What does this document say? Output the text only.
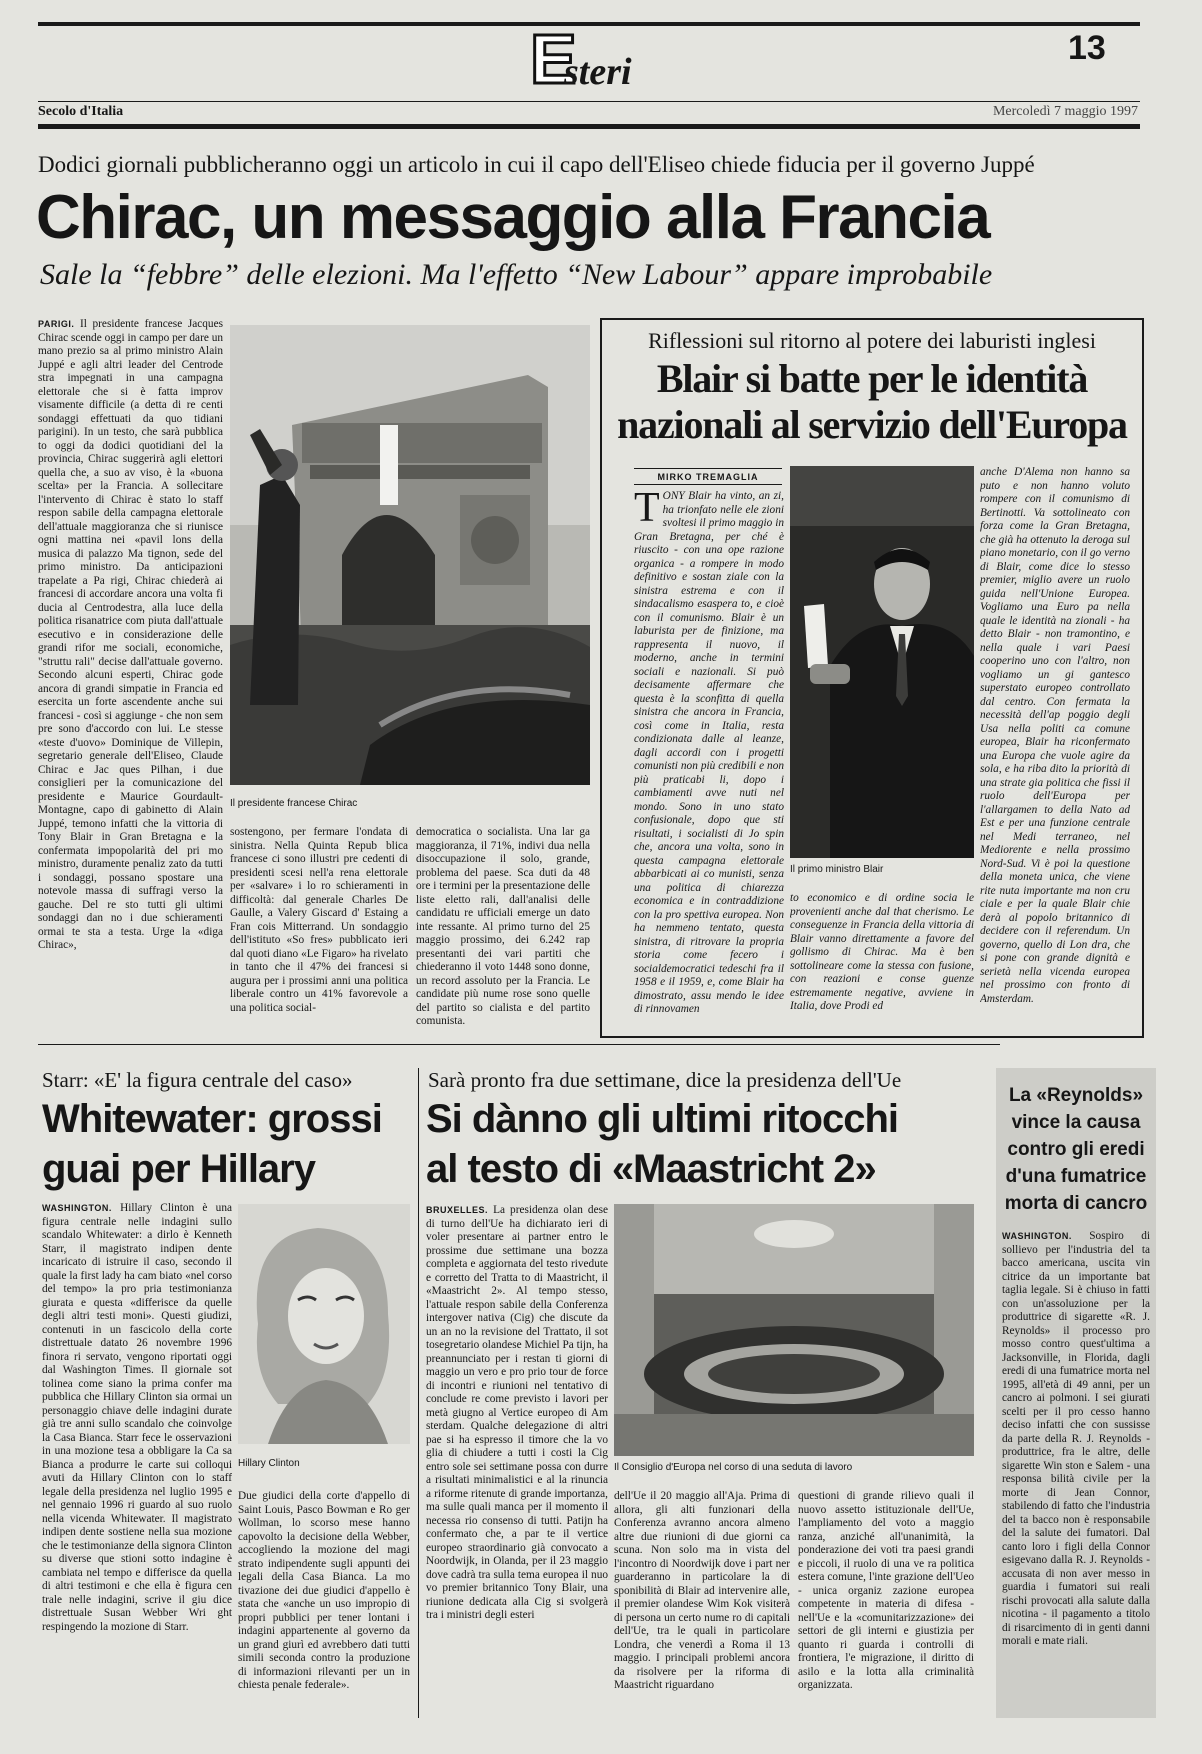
E
steri
13
Secolo d'Italia	Mercoledì 7 maggio 1997
Dodici giornali pubblicheranno oggi un articolo in cui il capo dell'Eliseo chiede fiducia per il governo Juppé
Chirac, un messaggio alla Francia
Sale la “febbre” delle elezioni. Ma l'effetto “New Labour” appare improbabile
PARIGI. Il presidente francese Jacques Chirac scende oggi in campo per dare un mano prezio sa al primo ministro Alain Juppé e agli altri leader del Centrode stra impegnati in una campagna elettorale che si è fatta improv visamente difficile (a detta di re centi sondaggi effettuati da quo tidiani parigini). In un testo, che sarà pubblica to oggi da dodici quotidiani del la provincia, Chirac suggerirà agli elettori quella che, a suo av viso, è la «buona scelta» per la Francia. A sollecitare l'intervento di Chirac è stato lo staff respon sabile della campagna elettorale dell'attuale maggioranza che si riunisce ogni mattina nei «pavil lons della musica di palazzo Ma tignon, sede del primo ministro. Da anticipazioni trapelate a Pa rigi, Chirac chiederà ai francesi di accordare ancora una volta fi ducia al Centrodestra, alla luce della politica risanatrice com piuta dall'attuale esecutivo e in considerazione delle grandi rifor me sociali, economiche, "struttu rali" decise dall'attuale governo. Secondo alcuni esperti, Chirac gode ancora di grandi simpatie in Francia ed esercita un forte ascendente anche sui francesi - così si aggiunge - che non sem pre sono d'accordo con lui. Le stesse «teste d'uovo» Dominique de Villepin, segretario generale dell'Eliseo, Claude Chirac e Jac ques Pilhan, i due consiglieri per la comunicazione del presidente e Maurice Gourdault-Montagne, capo di gabinetto di Alain Juppé, temono infatti che la vittoria di Tony Blair in Gran Bretagna e la confermata impopolarità del pri mo ministro, duramente penaliz zato da tutti i sondaggi, possano spostare una notevole massa di suffragi verso la gauche. Del re sto tutti gli ultimi sondaggi dan no i due schieramenti ormai te sta a testa. Urge la «diga Chirac»,
Il presidente francese Chirac
sostengono, per fermare l'ondata di sinistra. Nella Quinta Repub blica francese ci sono illustri pre cedenti di presidenti scesi nell'a rena elettorale per «salvare» i lo ro schieramenti in difficoltà: dal generale Charles De Gaulle, a Valery Giscard d' Estaing a Fran cois Mitterrand. Un sondaggio dell'istituto «So fres» pubblicato ieri dal quoti diano «Le Figaro» ha rivelato in tanto che il 47% dei francesi si augura per i prossimi anni una politica liberale contro un 41% favorevole a una politica social-
democratica o socialista. Una lar ga maggioranza, il 71%, indivi dua nella disoccupazione il solo, grande, problema del paese. Sca duti da 48 ore i termini per la presentazione delle liste eletto rali, dall'analisi delle candidatu re ufficiali emerge un dato inte ressante. Al primo turno del 25 maggio prossimo, dei 6.242 rap presentanti dei vari partiti che chiederanno il voto 1448 sono donne, un record assoluto per la Francia. Le candidate più nume rose sono quelle del partito so cialista e del partito comunista.
Riflessioni sul ritorno al potere dei laburisti inglesi
Blair si batte per le identità
nazionali al servizio dell'Europa
MIRKO TREMAGLIA
T ONY Blair ha vinto, an zi, ha trionfato nelle ele zioni svoltesi il primo maggio in Gran Bretagna, per ché è riuscito - con una ope razione organica - a rompere in modo definitivo e sostan ziale con la sinistra estrema e con il sindacalismo esaspera to, e cioè con il comunismo. Blair è un laburista per de finizione, ma rappresenta il nuovo, il moderno, anche in termini sociali e nazionali. Si può decisamente affermare che questa è la sconfitta di quella sinistra che ancora in Francia, così come in Italia, resta condizionata dalle al leanze, dagli accordi con i progetti comunisti non più credibili e non più praticabi li, dopo i cambiamenti avve nuti nel mondo. Sono in uno stato confusionale, dopo que sti risultati, i socialisti di Jo spin che, ancora una volta, sono in questa campagna elettorale abbarbicati ai co munisti, senza una politica di chiarezza economica e in contraddizione con la pro spettiva europea. Non ha nemmeno tentato, questa sinistra, di ritrovare la propria storia come fecero i socialdemocratici tedeschi fra il 1958 e il 1959, e, come Blair ha dimostrato, assu mendo le idee di rinnovamen
Il primo ministro Blair
to economico e di ordine socia le provenienti anche dal that cherismo. Le conseguenze in Francia della vittoria di Blair vanno direttamente a favore del gollismo di Chirac. Ma è ben sottolineare come la stessa con fusione, con reazioni e conse guenze estremamente negative, avviene in Italia, dove Prodi ed
anche D'Alema non hanno sa puto e non hanno voluto rompere con il comunismo di Bertinotti. Va sottolineato con forza come la Gran Bretagna, che già ha ottenuto la deroga sul piano monetario, con il go verno di Blair, come dice lo stesso premier, miglio avere un ruolo guida nell'Unione Europea. Vogliamo una Euro pa nella quale le identità na zionali - ha detto Blair - non tramontino, e nella quale i vari Paesi cooperino uno con l'altro, non vogliamo un gi gantesco superstato europeo controllato dal centro. Con fermata la necessità dell'ap poggio degli Usa nella politi ca comune europea, Blair ha riconfermato una Europa che vuole agire da sola, e ha riba dito la priorità di una strate gia politica che fissi il ruolo dell'Europa per l'allargamen to della Nato ad Est e per una funzione centrale nel Medi terraneo, nel Mediorente e nella prossimo Nord-Sud. Vi è poi la questione della moneta unica, che viene rite nuta importante ma non cru ciale e per la quale Blair chie derà al popolo britannico di decidere con il referendum. Un governo, quello di Lon dra, che si pone con grande dignità e serietà nella vicenda europea nel prossimo con fronto di Amsterdam.
Starr: «E' la figura centrale del caso»
Whitewater: grossi guai per Hillary
WASHINGTON. Hillary Clinton è una figura centrale nelle indagini sullo scandalo Whitewater: a dirlo è Kenneth Starr, il magistrato indipen dente incaricato di istruire il caso, secondo il quale la first lady ha cam biato «nel corso del tempo» la pro pria testimonianza giurata e questa «differisce da quelle degli altri testi moni». Questi giudizi, contenuti in un fascicolo della corte distrettuale datato 26 novembre 1996 finora ri servato, vengono riportati oggi dal Washington Times. Il giornale sot tolinea come siano la prima confer ma pubblica che Hillary Clinton sia ormai un personaggio chiave delle indagini durate già tre anni sullo scandalo che coinvolge la Casa Bianca. Starr fece le osservazioni in una mozione tesa a obbligare la Ca sa Bianca a produrre le carte sui colloqui avuti da Hillary Clinton con lo staff legale della presidenza nel luglio 1995 e nel gennaio 1996 ri guardo al suo ruolo nella vicenda Whitewater. Il magistrato indipen dente sostiene nella sua mozione che le testimonianze della signora Clinton su diverse que stioni sotto indagine è cambiata nel tempo e differisce da quella di altri testimoni e che ella è figura cen trale nelle indagini, scrive il giu dice distrettuale Susan Webber Wri ght respingendo la mozione di Starr.
Hillary Clinton
Due giudici della corte d'appello di Saint Louis, Pasco Bowman e Ro ger Wollman, lo scorso mese hanno capovolto la decisione della Webber, accogliendo la mozione del magi strato indipendente sugli appunti dei legali della Casa Bianca. La mo tivazione dei due giudici d'appello è stata che «anche un uso impropio di propri pubblici per tener lontani i indagini appartenente al governo da un grand giurì ed avrebbero dati tutti simili seconda contro la produzione di informazioni rilevanti per un in chiesta penale federale».
Sarà pronto fra due settimane, dice la presidenza dell'Ue
Si dànno gli ultimi ritocchi
al testo di «Maastricht 2»
BRUXELLES. La presidenza olan dese di turno dell'Ue ha dichiarato ieri di voler presentare ai partner entro le prossime due settimane una bozza completa e aggiornata del testo rivedute e corretto del Tratta to di Maastricht, il «Maastricht 2». Al tempo stesso, l'attuale respon sabile della Conferenza intergover nativa (Cig) che discute da un an no la revisione del Trattato, il sot tosegretario olandese Michiel Pa tijn, ha preannunciato per i restan ti giorni di maggio un vero e pro prio tour de force di incontri e riunioni nel tentativo di conclude re come previsto i lavori per metà giugno al Vertice europeo di Am sterdam. Qualche delegazione di altri pae si ha espresso il timore che la vo glia di chiudere a tutti i costi la Cig entro sole sei settimane possa con durre a risultati minimalistici e al la rinuncia a riforme ritenute di grande importanza, ma sulle quali manca per il momento il necessa rio consenso di tutti. Patijn ha confermato che, a par te il vertice europeo straordinario già convocato a Noordwijk, in Olanda, per il 23 maggio dove cadrà tra sulla tema europea il nuo vo premier britannico Tony Blair, una riunione dedicata alla Cig si svolgerà tra i ministri degli esteri
Il Consiglio d'Europa nel corso di una seduta di lavoro
dell'Ue il 20 maggio all'Aja. Prima di allora, gli alti funzionari della Conferenza avranno ancora almeno altre due riunioni di due giorni ca scuna. Non solo ma in vista del l'incontro di Noordwijk dove i part ner guarderanno in particolare la di sponibilità di Blair ad intervenire alle, il premier olandese Wim Kok visiterà di persona un certo nume ro di capitali dell'Ue, tra le quali in particolare Londra, che venerdì a Roma il 13 maggio. I principali problemi ancora da risolvere per la riforma di Maastricht riguardano
questioni di grande rilievo quali il nuovo assetto istituzionale dell'Ue, l'ampliamento del voto a maggio ranza, anziché all'unanimità, la ponderazione dei voti tra paesi grandi e piccoli, il ruolo di una ve ra politica estera comune, l'inte grazione dell'Ueo - unica organiz zazione europea competente in materia di difesa - nell'Ue e la «comunitarizzazione» dei settori de gli interni e giustizia per quanto ri guarda i controlli di frontiera, l'e migrazione, il diritto di asilo e la lotta alla criminalità organizzata.
La «Reynolds» vince la causa contro gli eredi d'una fumatrice morta di cancro
WASHINGTON. Sospiro di sollievo per l'industria del ta bacco americana, uscita vin citrice da un importante bat taglia legale. Si è chiuso in fatti con un'assoluzione per la produttrice di sigarette «R. J. Reynolds» il processo pro mosso contro quest'ultima a Jacksonville, in Florida, dagli eredi di una fumatrice morta nel 1995, all'età di 49 anni, per un cancro ai polmoni. I sei giurati scelti per il pro cesso hanno deciso infatti che con sussisse da parte della R. J. Reynolds - produttrice, fra le altre, delle sigarette Win ston e Salem - una responsa bilità civile per la morte di Jean Connor, stabilendo di fatto che l'industria del ta bacco non è responsabile del la salute dei fumatori. Dal canto loro i figli della Connor esigevano dalla R. J. Reynolds - accusata di non aver messo in guardia i fumatori sui reali rischi provocati alla salute dalla nicotina - il pagamento a titolo di risarcimento di in genti danni morali e mate riali.
